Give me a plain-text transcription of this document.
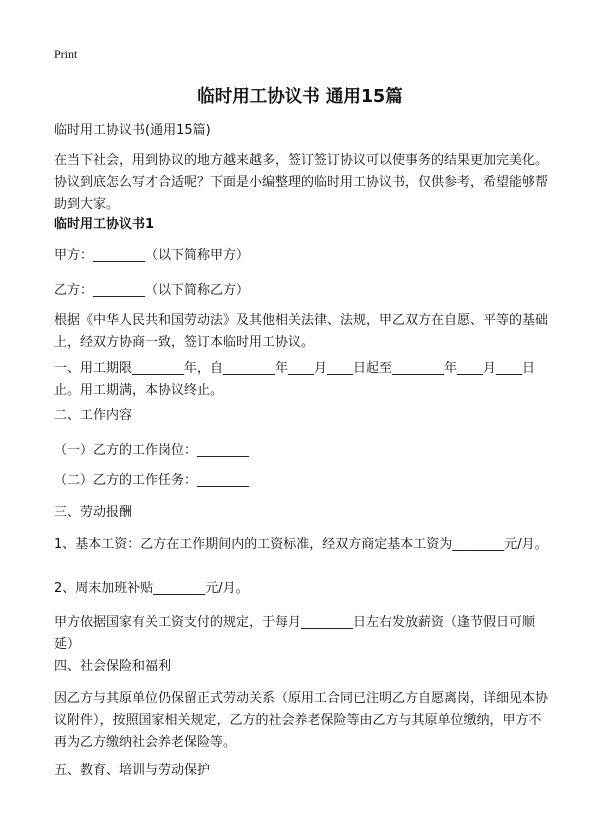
Print
临时用工协议书 通用15篇

临时用工协议书(通用15篇)

在当下社会，用到协议的地方越来越多，签订签订协议可以使事务的结果更加完美化。协议到底怎么写才合适呢？下面是小编整理的临时用工协议书，仅供参考，希望能够帮助到大家。

临时用工协议书1

甲方：________（以下简称甲方）

乙方：________（以下简称乙方）

根据《中华人民共和国劳动法》及其他相关法律、法规，甲乙双方在自愿、平等的基础上，经双方协商一致，签订本临时用工协议。

一、用工期限________年，自________年____月____日起至________年____月____日止。用工期满，本协议终止。

二、工作内容

（一）乙方的工作岗位：________

（二）乙方的工作任务：________

三、劳动报酬

1、基本工资：乙方在工作期间内的工资标准，经双方商定基本工资为________元/月。

2、周末加班补贴________元/月。

甲方依据国家有关工资支付的规定，于每月________日左右发放薪资（逢节假日可顺延）

四、社会保险和福利

因乙方与其原单位仍保留正式劳动关系（原用工合同已注明乙方自愿离岗，详细见本协议附件），按照国家相关规定，乙方的社会养老保险等由乙方与其原单位缴纳，甲方不再为乙方缴纳社会养老保险等。

五、教育、培训与劳动保护
